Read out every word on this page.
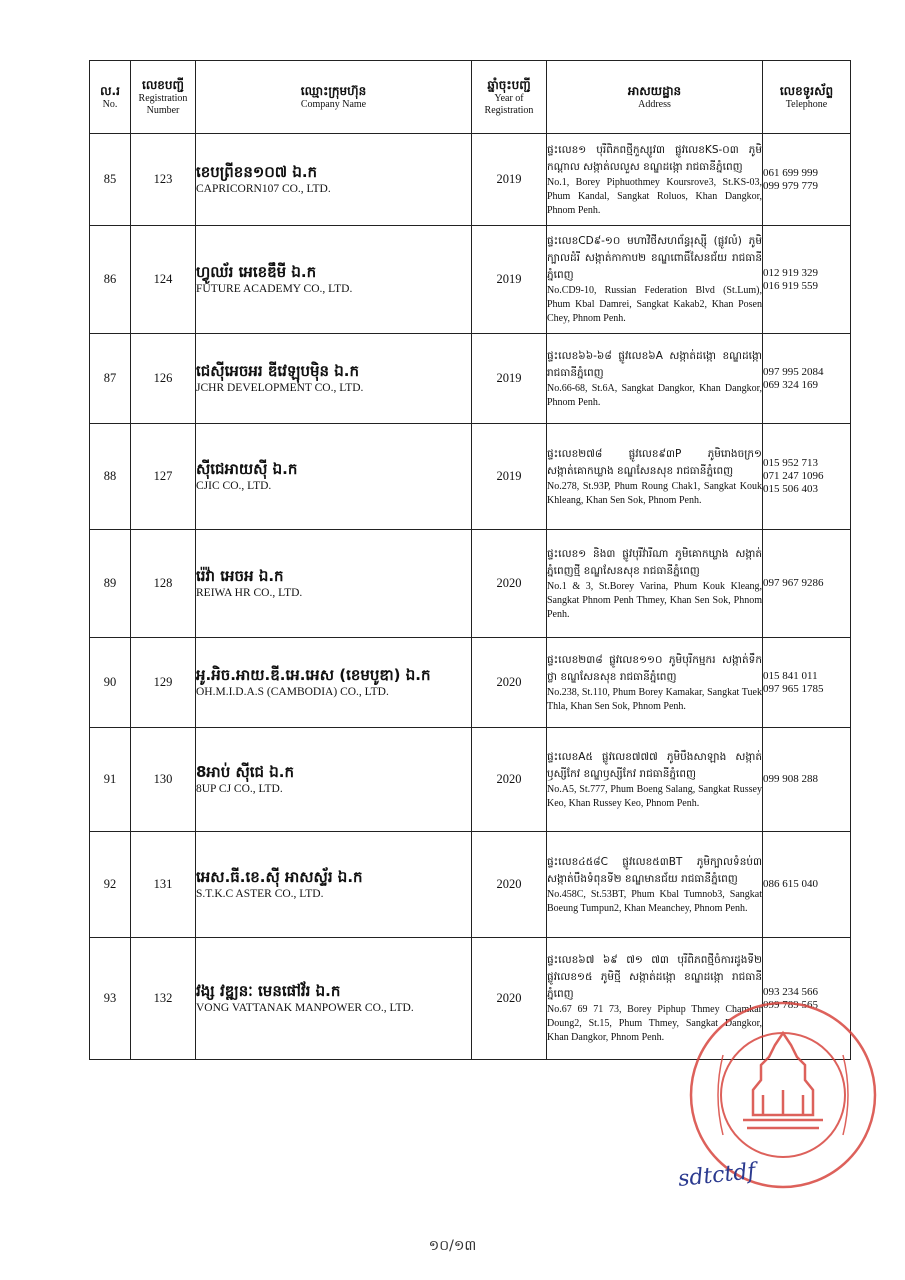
ល.រ
No.	លេខបញ្ជី
Registration Number	ឈ្មោះក្រុមហ៊ុន
Company Name	ឆ្នាំចុះបញ្ជី
Year of Registration	អាសយដ្ឋាន
Address	លេខទូរស័ព្ទ
Telephone

85	123	ខេបព្រីខន១០៧ ឯ.ក
CAPRICORN107 CO., LTD.	2019	ផ្ទះលេខ១ បុរីពិភពថ្មីកួស្សូវ៣ ផ្លូវលេខKS-០៣ ភូមិកណ្តាល សង្កាត់លលួស ខណ្ឌដង្កោ រាជធានីភ្នំពេញ
No.1, Borey Piphuothmey Koursrove3, St.KS-03, Phum Kandal, Sangkat Roluos, Khan Dangkor, Phnom Penh.	061 699 999
099 979 779

86	124	ហ្វូឈ័រ អេខេឌឹមី ឯ.ក
FUTURE ACADEMY CO., LTD.	2019	ផ្ទះលេខCD៩-១០ មហាវិថីសហព័ន្ធរុស្ស៊ី (ផ្លូវលំ) ភូមិក្បាលដំរី សង្កាត់កាកាប២ ខណ្ឌពោធិ៍សែនជ័យ រាជធានីភ្នំពេញ
No.CD9-10, Russian Federation Blvd (St.Lum), Phum Kbal Damrei, Sangkat Kakab2, Khan Posen Chey, Phnom Penh.	012 919 329
016 919 559

87	126	ជេស៊ីអេចអរ ឌីវេឡុបម៉ិន ឯ.ក
JCHR DEVELOPMENT CO., LTD.	2019	ផ្ទះលេខ៦៦-៦៨ ផ្លូវលេខ៦A សង្កាត់ដង្កោ ខណ្ឌដង្កោ រាជធានីភ្នំពេញ
No.66-68, St.6A, Sangkat Dangkor, Khan Dangkor, Phnom Penh.	097 995 2084
069 324 169

88	127	ស៊ីជេអាយស៊ី ឯ.ក
CJIC CO., LTD.	2019	ផ្ទះលេខ២៧៨ ផ្លូវលេខ៩៣P ភូមិរោងចក្រ១ សង្កាត់គោកឃ្លាង ខណ្ឌសែនសុខ រាជធានីភ្នំពេញ
No.278, St.93P, Phum Roung Chak1, Sangkat Kouk Khleang, Khan Sen Sok, Phnom Penh.	015 952 713
071 247 1096
015 506 403

89	128	រ៉េវ៉ា អេចអ ឯ.ក
REIWA HR CO., LTD.	2020	ផ្ទះលេខ១ និង៣ ផ្លូវបុរីវ៉ារីណា ភូមិគោកឃ្លាង សង្កាត់ភ្នំពេញថ្មី ខណ្ឌសែនសុខ រាជធានីភ្នំពេញ
No.1 & 3, St.Borey Varina, Phum Kouk Kleang, Sangkat Phnom Penh Thmey, Khan Sen Sok, Phnom Penh.	097 967 9286

90	129	អូ.អិច.អាយ.ឌី.អេ.អេស (ខេមបូឌា) ឯ.ក
OH.M.I.D.A.S (CAMBODIA) CO., LTD.	2020	ផ្ទះលេខ២៣៨ ផ្លូវលេខ១១០ ភូមិបុរីកម្មករ សង្កាត់ទឹកថ្លា ខណ្ឌសែនសុខ រាជធានីភ្នំពេញ
No.238, St.110, Phum Borey Kamakar, Sangkat Tuek Thla, Khan Sen Sok, Phnom Penh.	015 841 011
097 965 1785

91	130	8អាប់ ស៊ីជេ ឯ.ក
8UP CJ CO., LTD.	2020	ផ្ទះលេខA៥ ផ្លូវលេខ៧៧៧ ភូមិបឹងសាឡាង សង្កាត់ឫស្សីកែវ ខណ្ឌឫស្សីកែវ រាជធានីភ្នំពេញ
No.A5, St.777, Phum Boeng Salang, Sangkat Russey Keo, Khan Russey Keo, Phnom Penh.	099 908 288

92	131	អេស.ធី.ខេ.ស៊ី អាសស្ទ័រ ឯ.ក
S.T.K.C ASTER CO., LTD.	2020	ផ្ទះលេខ៤៥៨C ផ្លូវលេខ៥៣BT ភូមិក្បាលទំនប់៣ សង្កាត់បឹងទំពុនទី២ ខណ្ឌមានជ័យ រាជធានីភ្នំពេញ
No.458C, St.53BT, Phum Kbal Tumnob3, Sangkat Boeung Tumpun2, Khan Meanchey, Phnom Penh.	086 615 040

93	132	វង្ស វឌ្ឍនៈ មេនផៅវ័រ ឯ.ក
VONG VATTANAK MANPOWER CO., LTD.	2020	ផ្ទះលេខ៦៧ ៦៩ ៧១ ៧៣ បុរីពិភពថ្មីចំការដូងទី២ ផ្លូវលេខ១៥ ភូមិថ្មី សង្កាត់ដង្កោ ខណ្ឌដង្កោ រាជធានីភ្នំពេញ
No.67 69 71 73, Borey Piphup Thmey Chamkar Doung2, St.15, Phum Thmey, Sangkat Dangkor, Khan Dangkor, Phnom Penh.	093 234 566
099 789 565
sdtctdf
១០/១៣
